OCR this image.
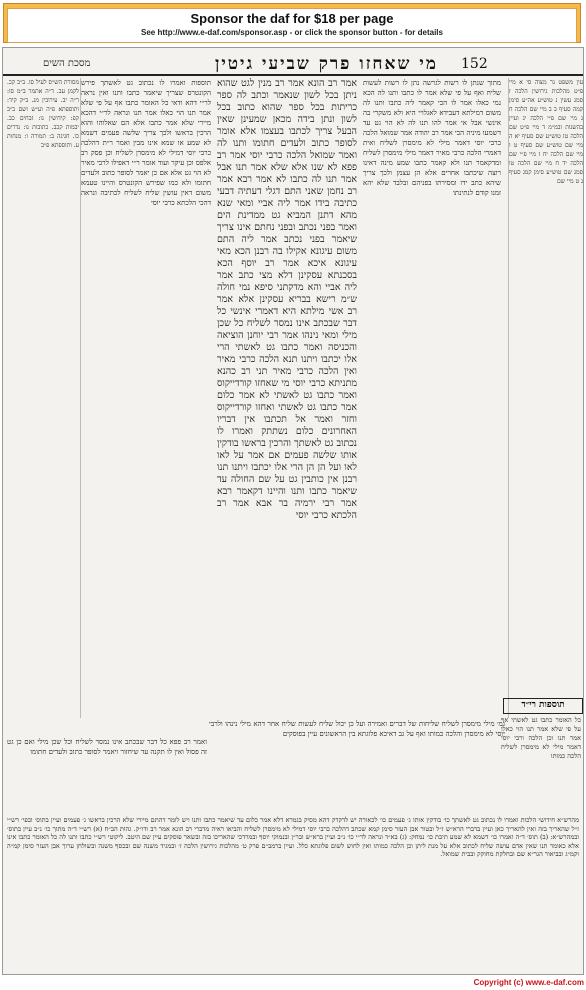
Sponsor the daf for $18 per page
See http://www.e-daf.com/sponsor.asp - or click the sponsor button - for details
152
מי שאחזו פרק שביעי גיטין
מסכת השים
עין משפט נר מצוה סי א מיי פ״ט מהלכות גירושין הלכה ז סמג עשין נ טוש״ע אה״ע סימן קמה סעיף ב ב מיי שם הלכה ח ג מיי שם פ״י הלכה יג ועיין בהשגות ובמ״מ ד מיי פ״ט שם הלכה טז טוש״ע שם סעיף יא ה מיי שם טוש״ע שם סעיף ט ו מיי שם הלכה יח ז מיי פ״י שם הלכה יד ח מיי שם הלכה טו סמג שם טוש״ע סימן קמג סעיף ג ט מיי שם
מתוך שנתן לו רשות לגרשה נתן לו רשות לעשות שליח ואף על פי שלא אמר לו כתבו ותנו לה הכא נמי כאלו אמר לו הכי קאמר ליה כתבו ותנו לה משום דמילתא דעבידא לאגלויי היא ולא משקרי בה אינשי אבל אי אמר להו תנו לה לא הוי גט עד דשמעו מיניה הכי אמר רב יהודה אמר שמואל הלכה כרבי יוסי דאמר מילי לא מימסרן לשליח ואית דאמרי הלכה כרבי מאיר דאמר מילי מימסרן לשליח ומדקאמר תנו ולא קאמר כתבו שמע מינה דאינו רוצה שיכתבו אחרים אלא הן עצמן ולכך צריך שיהא כתב ידו ומסירתו בפניהם ובלבד שלא יהא זמנו קודם לנתינתו
אמר רב הונא אמר רב מנין לגט שהוא ניתן בכל לשון שנאמר וכתב לה ספר כריתות בכל ספר שהוא כתוב בכל לשון ונתן בידה מכאן שמעינן שאין הבעל צריך לכתבו בעצמו אלא אומר לסופר כתוב ולעדים חתומו ותנו לה ואמר שמואל הלכה כרבי יוסי אמר רב פפא לא שנו אלא שלא אמר תנו אבל אמר תנו לה כתבו לא אמר רבא אמר רב נחמן שאני התם דגלי דעתיה דבעי כתיבה בידו אמר ליה אביי ומאי שנא מהא דתנן המביא גט ממדינת הים ואמר בפני נכתב ובפני נחתם אינו צריך שיאמר בפני נכתב אמר ליה התם משום עיגונא אקילו בה רבנן הכא מאי עיגונא איכא אמר רב יוסף הכא בסכנתא עסקינן דלא מצי כתב אמר ליה אביי והא מדקתני סיפא נמי חולה ש״מ רישא בבריא עסקינן אלא אמר רב אשי מילתא היא דאמרי אינשי כל דבר שבכתב אינו נמסר לשליח כל שכן מילי ומאי נינהו אמר רבי יוחנן הוציאה והכניסה ואמר כתבו גט לאשתי הרי אלו יכתבו ויתנו תנא הלכה כרבי מאיר ואין הלכה כרבי מאיר תני רב כהנא מתניתא כרבי יוסי מי שאחזו קורדייקוס ואמר כתבו גט לאשתי לא אמר כלום אמר כתבו גט לאשתי ואחזו קורדייקוס וחזר ואמר אל תכתבו אין דבריו האחרונים כלום נשתתק ואמרו לו נכתוב גט לאשתך והרכין בראשו בודקין אותו שלשה פעמים אם אמר על לאו לאו ועל הן הן הרי אלו יכתבו ויתנו תנו רבנן אין כותבין גט על שם החולה עד שיאמר כתבו ותנו והיינו דקאמר רבא אמר רבי ירמיה בר אבא אמר רב הלכתא כרבי יוסי
תוספות ואמרו לו נכתוב גט לאשתך פירש הקונטרס שצריך שיאמר כתבו ותנו ואין נראה לר״י דהא ודאי כל האומר כתבו אף על פי שלא אמר תנו הוי כאלו אמר תנו ונראה לר״י דהכא מיירי שלא אמר כתבו אלא הם שאלוהו והוא הרכין בראשו ולכך צריך שלשה פעמים דשמא לא שמע או שמא אינו מבין ואמר ר״ת דהלכה כרבי יוסי דמילי לא מימסרן לשליח וכן פסק רב אלפס וכן עיקר ועוד אומר ר״י דאפילו לרבי מאיר לא הוי גט אלא אם כן יאמר לסופר כתוב ולעדים חתומו ולא כמו שפירש הקונטרס והיינו טעמא משום דאין עושין שליח לשליח לכתיבה ונראה דהכי הלכתא כרבי יוסי
מסורת הש״ס לעיל סו. ב״ב קכ. לקמן עב. ד״ה אתמר ב״מ סו: ר״ה יב. עירובין מג. ב״ק קיד: ותוספתא פ״ה וע״ש ושם ב״ב קפ: קידושין נו: זבחים כב. יבמות קכב. כתובות נו: נדרים כו. חגיגה ב: תמורה ו: מנחות ע. ותוספתא פ״ב
תוספות רי״ד
כל האומר כתבו גט לאשתי אף על פי שלא אמר תנו הוי כאלו אמר תנו וכן הלכה ורבי יוסי דאמר מילי לא מימסרן לשליח הלכה כמותו
גמ׳ מילי מימסרן לשליח שליחות של דברים ואמירה ועל כן יכול שליח לעשות שליח אחר דהא מילי נינהו ולרבי יוסי לא מימסרן והלכה כמותו ואף על גב דאיכא פלוגתא בין הראשונים עיין בפוסקים
ואמר רב פפא כל דבר שבכתב אינו נמסר לשליח וכל שכן מילי ואם כן גט זה פסול ואין לו תקנה עד שיחזור ויאמר לסופר כתוב ולעדים חתומו
מהרש״א חידושי הלכות ואמרו לו נכתוב גט לאשתך כו׳ בודקין אותו ג׳ פעמים כו׳ לכאורה יש לדקדק דהא מסיק בגמרא דלא אמר כלום עד שיאמר כתבו ותנו ויש לומר דהתם מיירי שלא הרכין בראשו ג׳ פעמים ועיין בתוס׳ ובפי׳ רש״י ז״ל שהאריך בזה ואין להאריך כאן ועיין בדברי הרא״ש ז״ל ובטור אבן העזר סימן קמא שכתב דהלכה כרבי יוסי דמילי לא מימסרן לשליח והביאו ראיה מדברי רב הונא אמר רב ודו״ק. גהות הב״ח (א) רש״י ד״ה מתוך כו׳ נ״ב עיין בתוס׳ ובמהרש״א: (ב) תוס׳ ד״ה ואמרו כו׳ דשמא לא שמע תיבת כו׳ נמחק: (ג) בא״ד ונראה לר״י כו׳ נ״ב ועיין ברא״ש ובר״ן ובנמוקי יוסף ובמרדכי שהאריכו בזה ובשאר פוסקים עיין שם היטב. ליקוטי רש״י כתבו ותנו לה כל האומר כתבו אינו אלא כאומר תנו שאין אדם עושה שליח לכתוב אלא על מנת ליתן וכן הלכה כמותו ואין לחוש לשום פלוגתא כלל. ועיין ברמב״ם פרק ט׳ מהלכות גירושין הלכה ז׳ ובמגיד משנה שם ובכסף משנה ובשולחן ערוך אבן העזר סימן קמ״ה וקמ״ג ובביאור הגר״א שם ובחלקת מחוקק ובבית שמואל.
Copyright (c) www.e-daf.com
